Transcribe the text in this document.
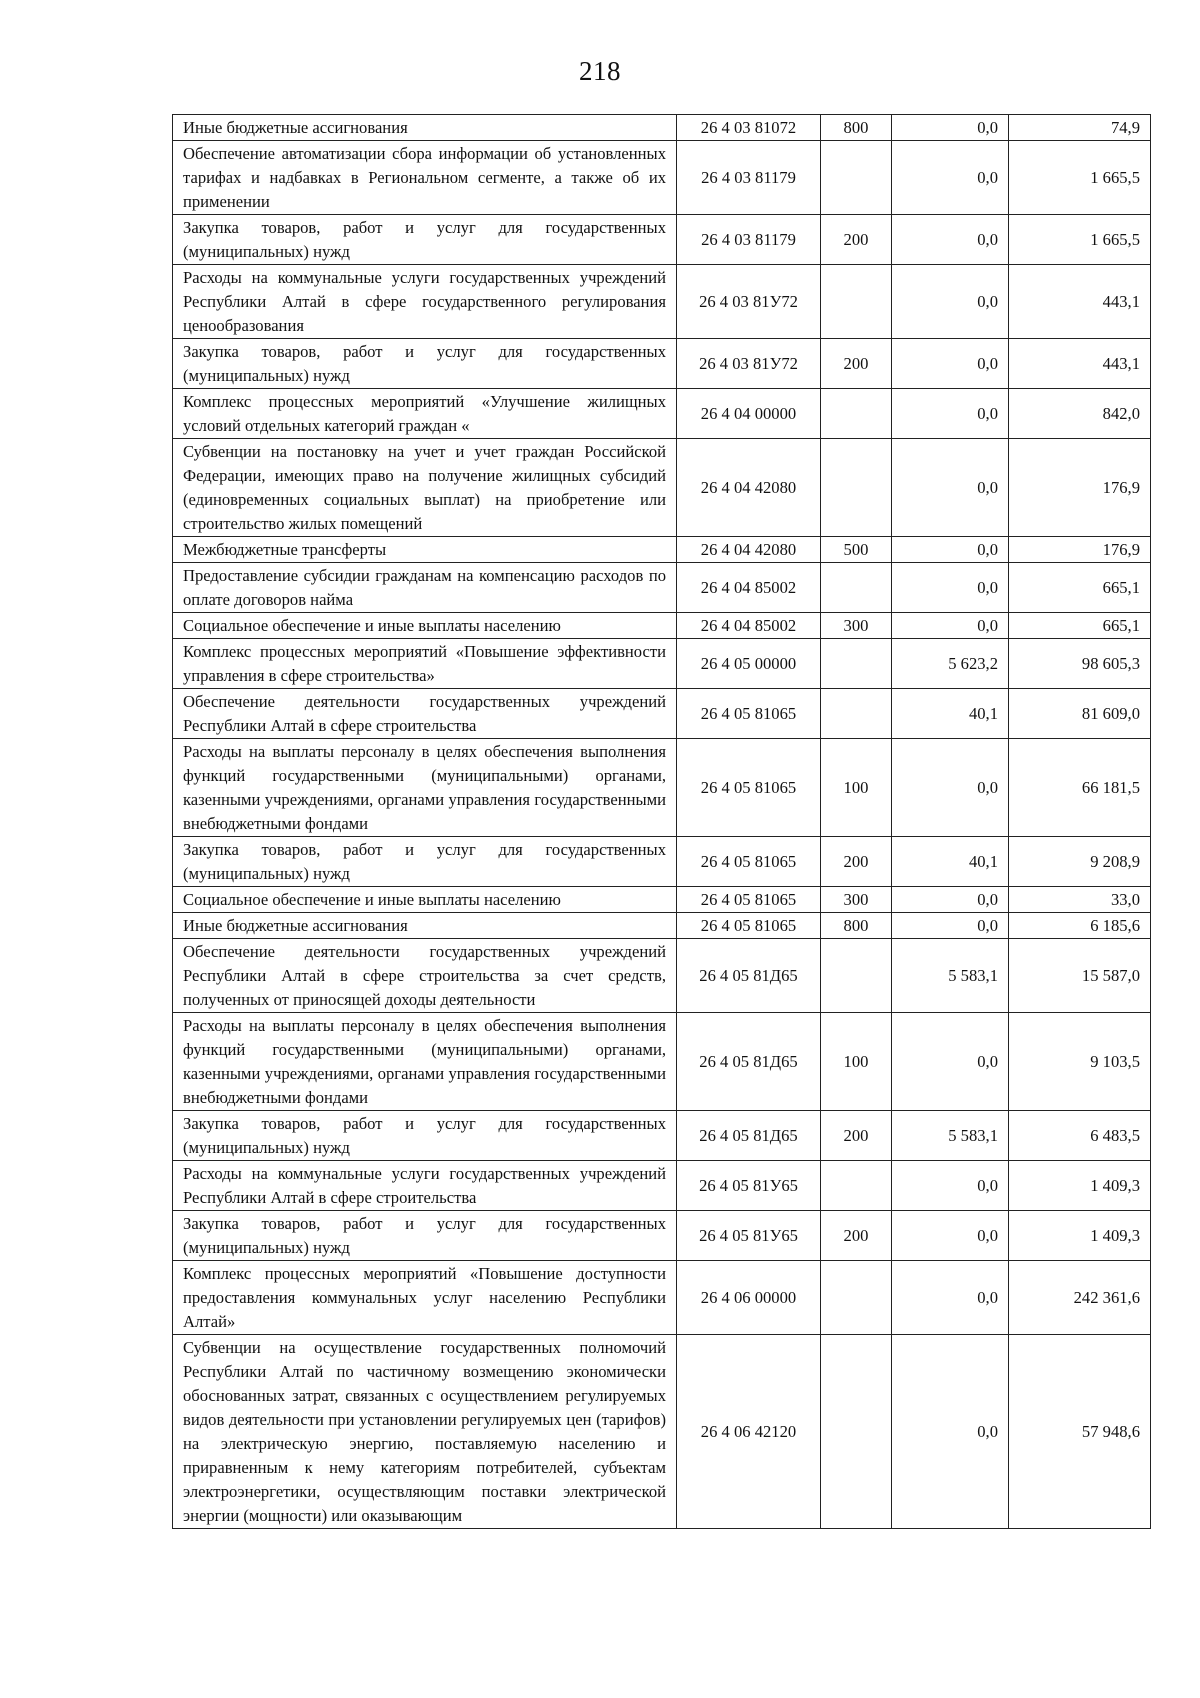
218
Иные бюджетные ассигнования	26 4 03 81072	800	0,0	74,9
Обеспечение автоматизации сбора информации об установленных тарифах и надбавках в Региональном сегменте, а также об их применении	26 4 03 81179		0,0	1 665,5
Закупка товаров, работ и услуг для государственных (муниципальных) нужд	26 4 03 81179	200	0,0	1 665,5
Расходы на коммунальные услуги государственных учреждений Республики Алтай в сфере государственного регулирования ценообразования	26 4 03 81У72		0,0	443,1
Закупка товаров, работ и услуг для государственных (муниципальных) нужд	26 4 03 81У72	200	0,0	443,1
Комплекс процессных мероприятий «Улучшение жилищных условий отдельных категорий граждан «	26 4 04 00000		0,0	842,0
Субвенции на постановку на учет и учет граждан Российской Федерации, имеющих право на получение жилищных субсидий (единовременных социальных выплат) на приобретение или строительство жилых помещений	26 4 04 42080		0,0	176,9
Межбюджетные трансферты	26 4 04 42080	500	0,0	176,9
Предоставление субсидии гражданам на компенсацию расходов по оплате договоров найма	26 4 04 85002		0,0	665,1
Социальное обеспечение и иные выплаты населению	26 4 04 85002	300	0,0	665,1
Комплекс процессных мероприятий «Повышение эффективности управления в сфере строительства»	26 4 05 00000		5 623,2	98 605,3
Обеспечение деятельности государственных учреждений Республики Алтай в сфере строительства	26 4 05 81065		40,1	81 609,0
Расходы на выплаты персоналу в целях обеспечения выполнения функций государственными (муниципальными) органами, казенными учреждениями, органами управления государственными внебюджетными фондами	26 4 05 81065	100	0,0	66 181,5
Закупка товаров, работ и услуг для государственных (муниципальных) нужд	26 4 05 81065	200	40,1	9 208,9
Социальное обеспечение и иные выплаты населению	26 4 05 81065	300	0,0	33,0
Иные бюджетные ассигнования	26 4 05 81065	800	0,0	6 185,6
Обеспечение деятельности государственных учреждений Республики Алтай в сфере строительства за счет средств, полученных от приносящей доходы деятельности	26 4 05 81Д65		5 583,1	15 587,0
Расходы на выплаты персоналу в целях обеспечения выполнения функций государственными (муниципальными) органами, казенными учреждениями, органами управления государственными внебюджетными фондами	26 4 05 81Д65	100	0,0	9 103,5
Закупка товаров, работ и услуг для государственных (муниципальных) нужд	26 4 05 81Д65	200	5 583,1	6 483,5
Расходы на коммунальные услуги государственных учреждений Республики Алтай в сфере строительства	26 4 05 81У65		0,0	1 409,3
Закупка товаров, работ и услуг для государственных (муниципальных) нужд	26 4 05 81У65	200	0,0	1 409,3
Комплекс процессных мероприятий «Повышение доступности предоставления коммунальных услуг населению Республики Алтай»	26 4 06 00000		0,0	242 361,6
Субвенции на осуществление государственных полномочий Республики Алтай по частичному возмещению экономически обоснованных затрат, связанных с осуществлением регулируемых видов деятельности при установлении регулируемых цен (тарифов) на электрическую энергию, поставляемую населению и приравненным к нему категориям потребителей, субъектам электроэнергетики, осуществляющим поставки электрической энергии (мощности) или оказывающим	26 4 06 42120		0,0	57 948,6
